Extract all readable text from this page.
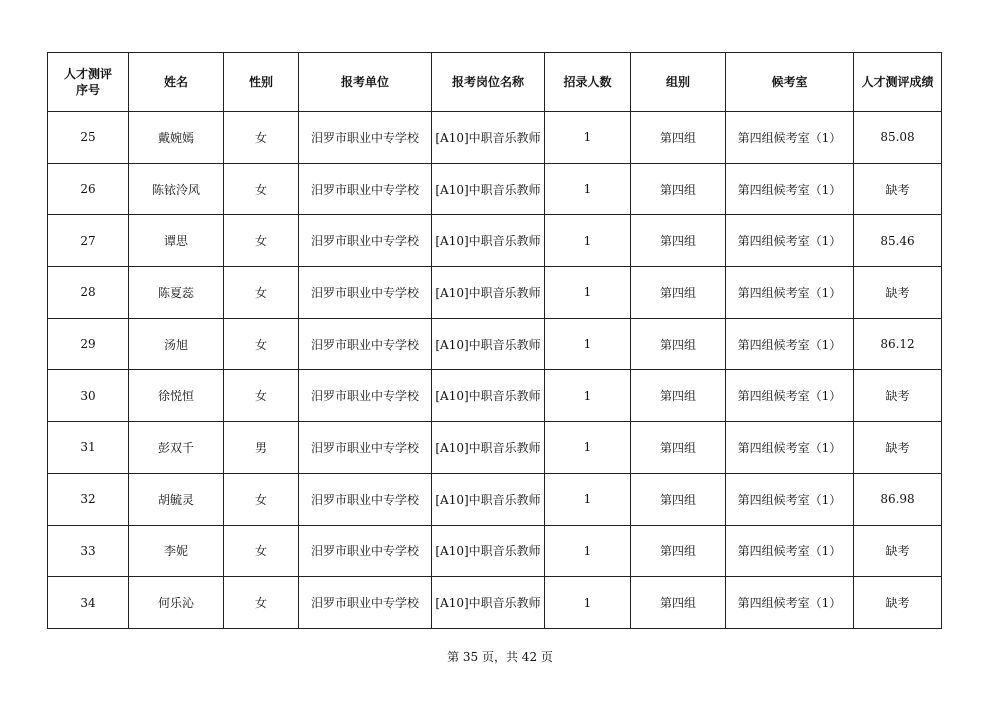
人才测评
序号	姓名	性别	报考单位	报考岗位名称	招录人数	组别	候考室	人才测评成绩
25	戴婉嫣	女	汨罗市职业中专学校	[A10]中职音乐教师	1	第四组	第四组候考室（1）	85.08
26	陈铱泠风	女	汨罗市职业中专学校	[A10]中职音乐教师	1	第四组	第四组候考室（1）	缺考
27	谭思	女	汨罗市职业中专学校	[A10]中职音乐教师	1	第四组	第四组候考室（1）	85.46
28	陈夏蕊	女	汨罗市职业中专学校	[A10]中职音乐教师	1	第四组	第四组候考室（1）	缺考
29	汤旭	女	汨罗市职业中专学校	[A10]中职音乐教师	1	第四组	第四组候考室（1）	86.12
30	徐悦恒	女	汨罗市职业中专学校	[A10]中职音乐教师	1	第四组	第四组候考室（1）	缺考
31	彭双千	男	汨罗市职业中专学校	[A10]中职音乐教师	1	第四组	第四组候考室（1）	缺考
32	胡毓灵	女	汨罗市职业中专学校	[A10]中职音乐教师	1	第四组	第四组候考室（1）	86.98
33	李妮	女	汨罗市职业中专学校	[A10]中职音乐教师	1	第四组	第四组候考室（1）	缺考
34	何乐沁	女	汨罗市职业中专学校	[A10]中职音乐教师	1	第四组	第四组候考室（1）	缺考
第 35 页，共 42 页
